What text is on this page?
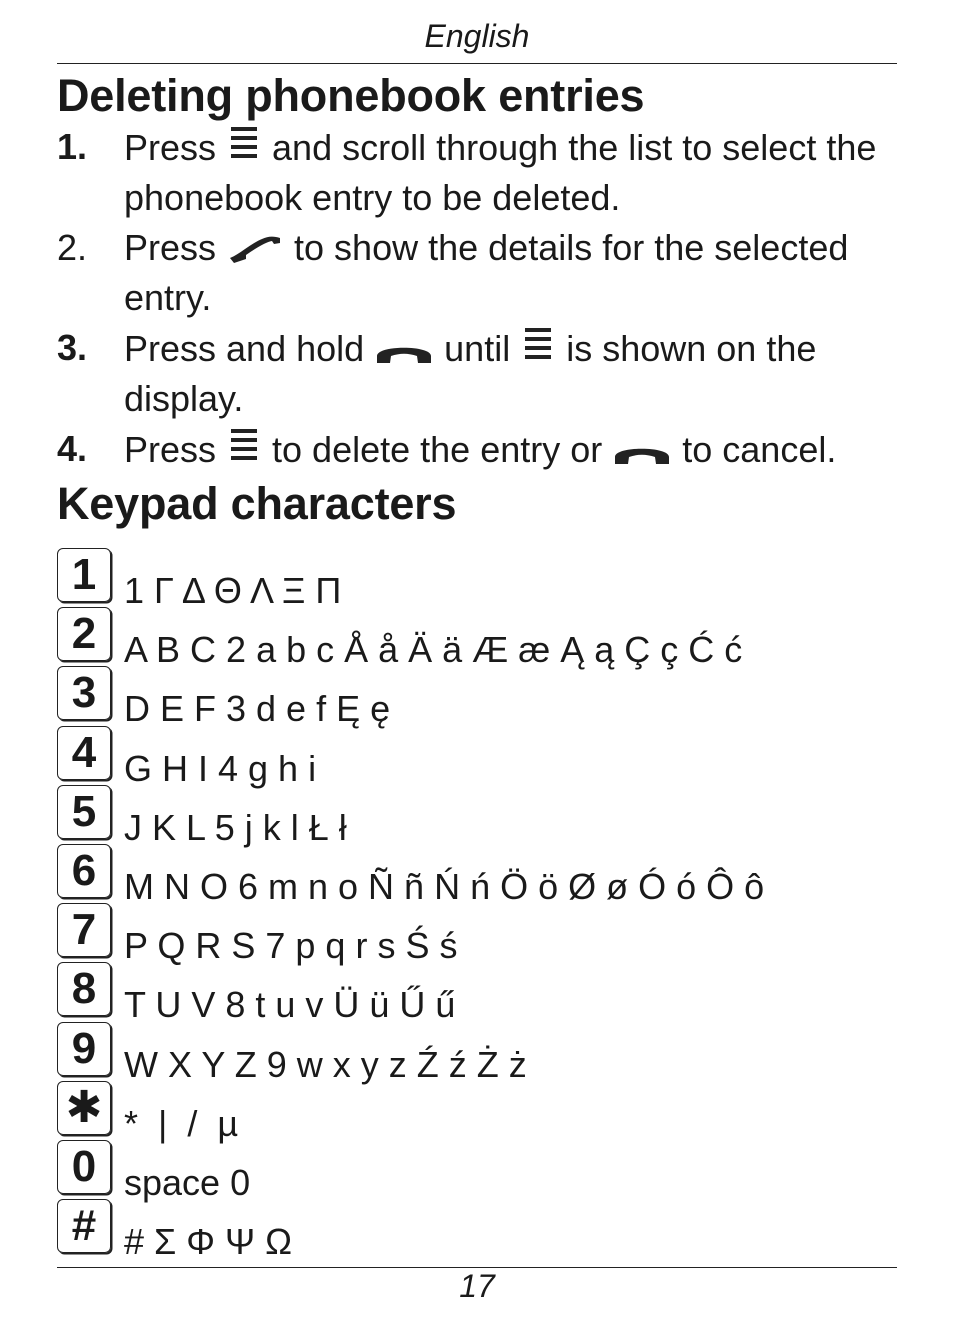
English
Deleting phonebook entries
1.	Press  and scroll through the list to select the phonebook entry to be deleted.
2.	Press  to show the details for the selected entry.
3.	Press and hold  until  is shown on the display.
4.	Press  to delete the entry or  to cancel.
Keypad characters
1 1 Γ Δ Θ Λ Ξ Π
2 A B C 2 a b c Å å Ä ä Æ æ Ą ą Ç ç Ć ć
3 D E F 3 d e f Ę ę
4 G H I 4 g h i
5 J K L 5 j k l Ł ł
6 M N O 6 m n o Ñ ñ Ń ń Ö ö Ø ø Ó ó Ô ô
7 P Q R S 7 p q r s Ś ś
8 T U V 8 t u v Ü ü Ű ű
9 W X Y Z 9 w x y z Ź ź Ż ż
✱ *  |  /  µ
0 space 0
# # Σ Φ Ψ Ω
17
